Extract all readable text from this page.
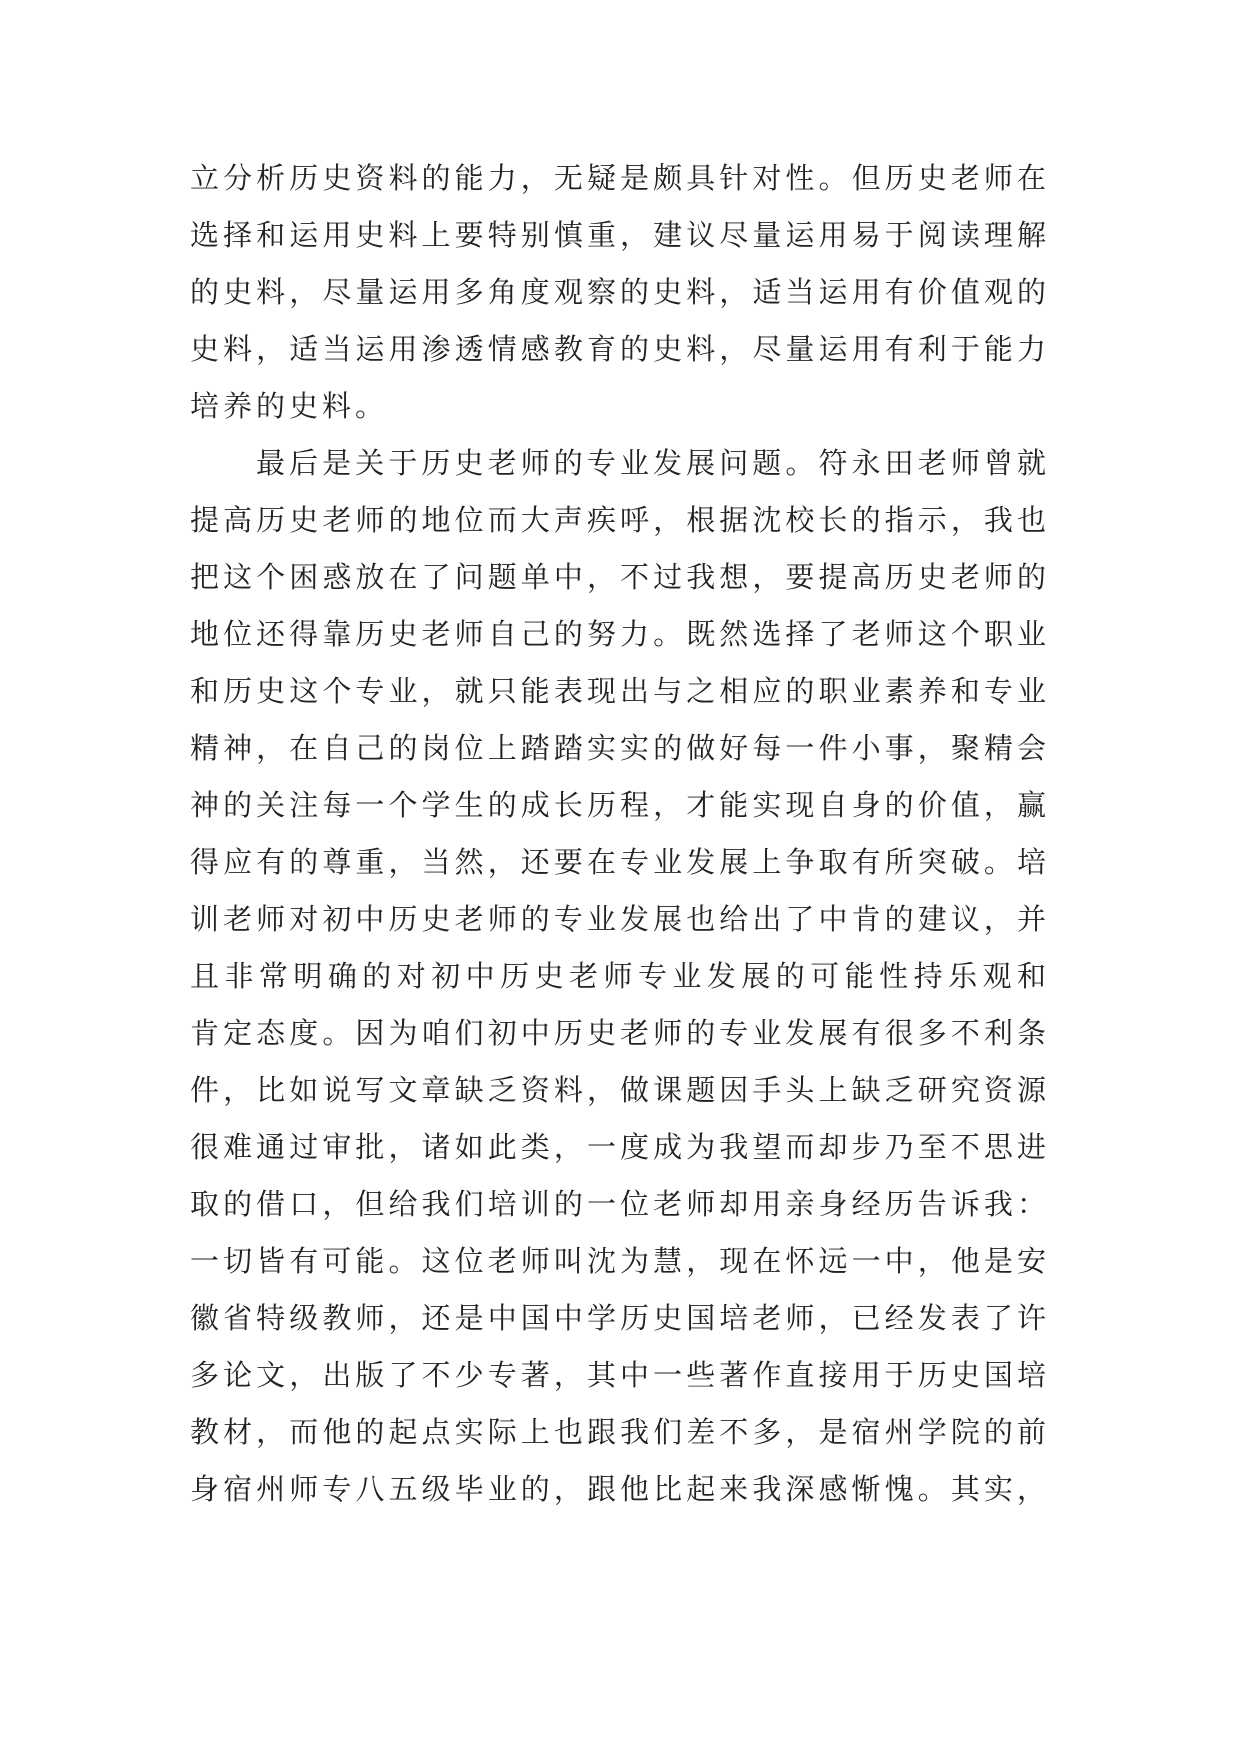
立分析历史资料的能力，无疑是颇具针对性。但历史老师在
选择和运用史料上要特别慎重，建议尽量运用易于阅读理解
的史料，尽量运用多角度观察的史料，适当运用有价值观的
史料，适当运用渗透情感教育的史料，尽量运用有利于能力
培养的史料。
最后是关于历史老师的专业发展问题。符永田老师曾就
提高历史老师的地位而大声疾呼，根据沈校长的指示，我也
把这个困惑放在了问题单中，不过我想，要提高历史老师的
地位还得靠历史老师自己的努力。既然选择了老师这个职业
和历史这个专业，就只能表现出与之相应的职业素养和专业
精神，在自己的岗位上踏踏实实的做好每一件小事，聚精会
神的关注每一个学生的成长历程，才能实现自身的价值，赢
得应有的尊重，当然，还要在专业发展上争取有所突破。培
训老师对初中历史老师的专业发展也给出了中肯的建议，并
且非常明确的对初中历史老师专业发展的可能性持乐观和
肯定态度。因为咱们初中历史老师的专业发展有很多不利条
件，比如说写文章缺乏资料，做课题因手头上缺乏研究资源
很难通过审批，诸如此类，一度成为我望而却步乃至不思进
取的借口，但给我们培训的一位老师却用亲身经历告诉我：
一切皆有可能。这位老师叫沈为慧，现在怀远一中，他是安
徽省特级教师，还是中国中学历史国培老师，已经发表了许
多论文，出版了不少专著，其中一些著作直接用于历史国培
教材，而他的起点实际上也跟我们差不多，是宿州学院的前
身宿州师专八五级毕业的，跟他比起来我深感惭愧。其实，
